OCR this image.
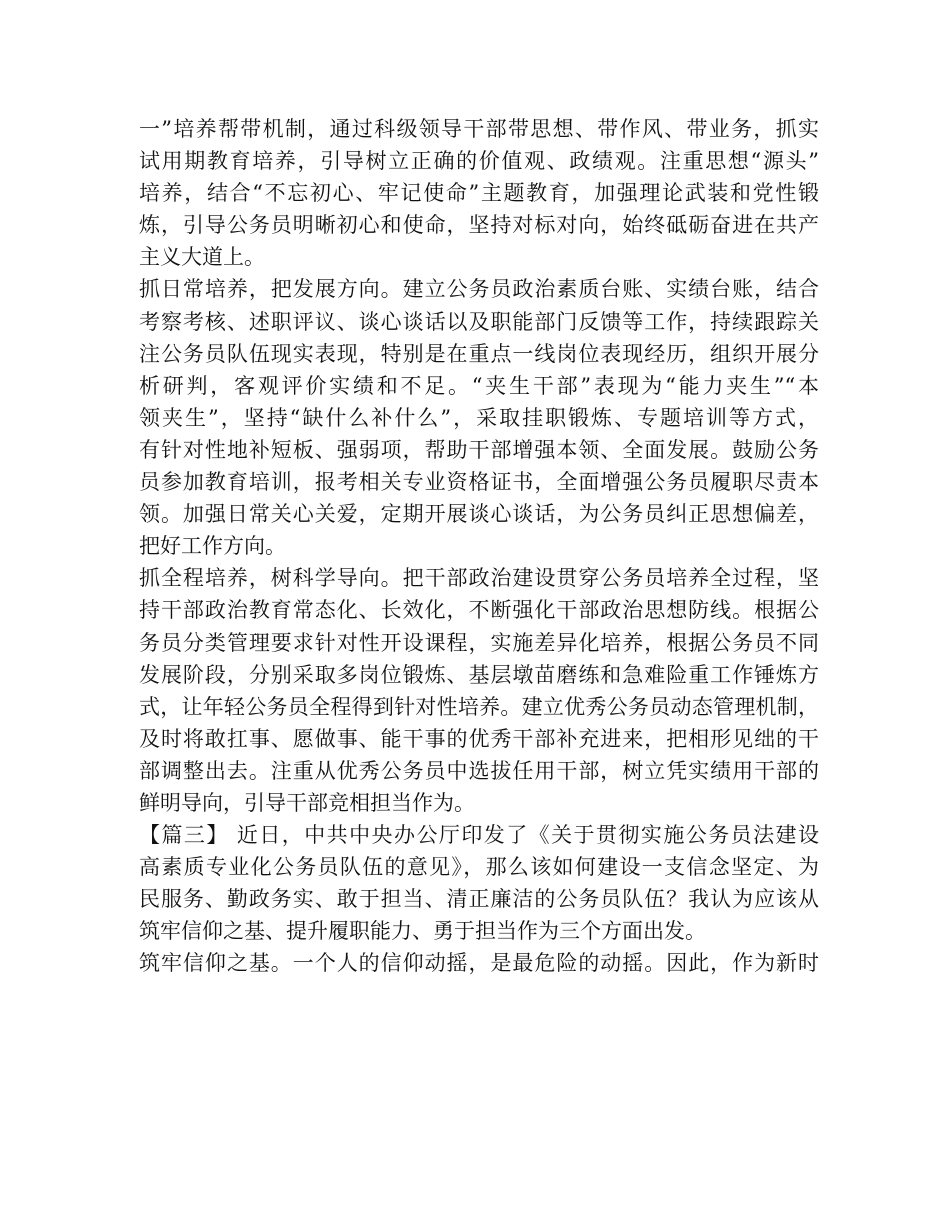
一”培养帮带机制，通过科级领导干部带思想、带作风、带业务，抓实
试用期教育培养，引导树立正确的价值观、政绩观。注重思想“源头”
培养，结合“不忘初心、牢记使命”主题教育，加强理论武装和党性锻
炼，引导公务员明晰初心和使命，坚持对标对向，始终砥砺奋进在共产
主义大道上。
抓日常培养，把发展方向。建立公务员政治素质台账、实绩台账，结合
考察考核、述职评议、谈心谈话以及职能部门反馈等工作，持续跟踪关
注公务员队伍现实表现，特别是在重点一线岗位表现经历，组织开展分
析研判，客观评价实绩和不足。“夹生干部”表现为“能力夹生”“本
领夹生”，坚持“缺什么补什么”，采取挂职锻炼、专题培训等方式，
有针对性地补短板、强弱项，帮助干部增强本领、全面发展。鼓励公务
员参加教育培训，报考相关专业资格证书，全面增强公务员履职尽责本
领。加强日常关心关爱，定期开展谈心谈话，为公务员纠正思想偏差，
把好工作方向。
抓全程培养，树科学导向。把干部政治建设贯穿公务员培养全过程，坚
持干部政治教育常态化、长效化，不断强化干部政治思想防线。根据公
务员分类管理要求针对性开设课程，实施差异化培养，根据公务员不同
发展阶段，分别采取多岗位锻炼、基层墩苗磨练和急难险重工作锤炼方
式，让年轻公务员全程得到针对性培养。建立优秀公务员动态管理机制，
及时将敢扛事、愿做事、能干事的优秀干部补充进来，把相形见绌的干
部调整出去。注重从优秀公务员中选拔任用干部，树立凭实绩用干部的
鲜明导向，引导干部竞相担当作为。
【篇三】 近日，中共中央办公厅印发了《关于贯彻实施公务员法建设
高素质专业化公务员队伍的意见》，那么该如何建设一支信念坚定、为
民服务、勤政务实、敢于担当、清正廉洁的公务员队伍？我认为应该从
筑牢信仰之基、提升履职能力、勇于担当作为三个方面出发。
筑牢信仰之基。一个人的信仰动摇，是最危险的动摇。因此，作为新时
